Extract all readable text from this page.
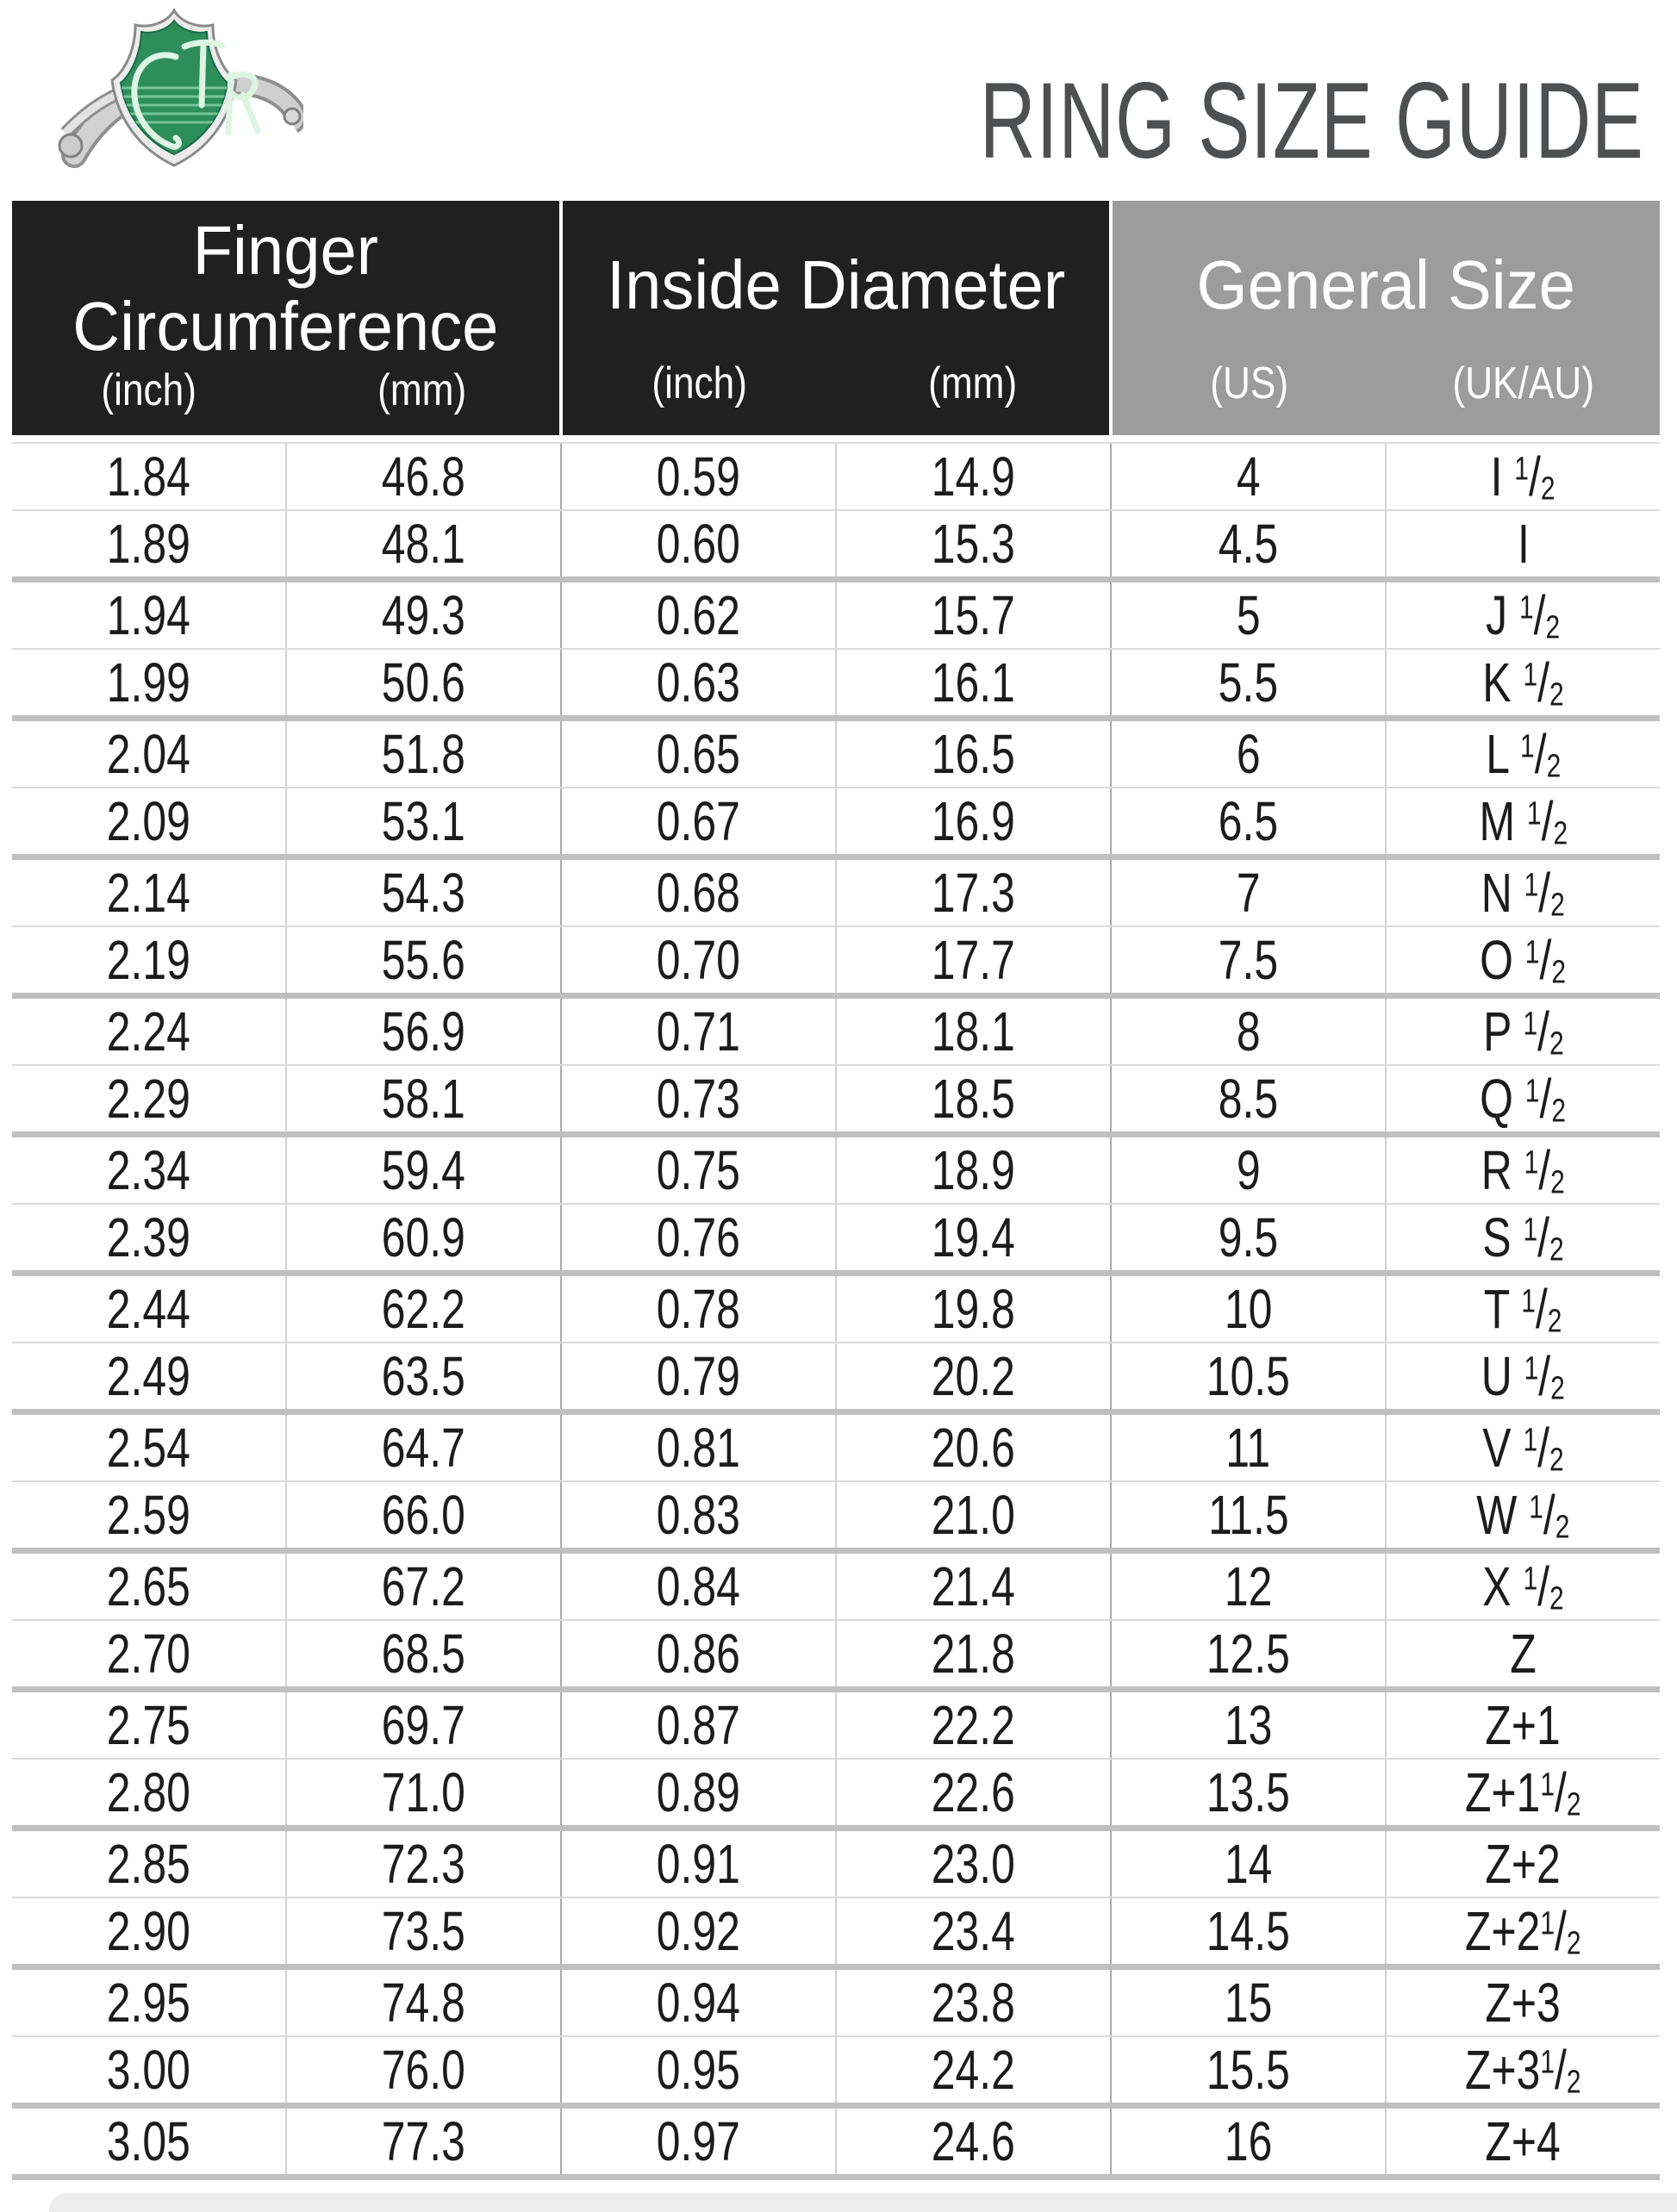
RING SIZE GUIDE
Finger Circumference
(inch)	(mm)
Inside Diameter
(inch)	(mm)
General Size
(US)	(UK/AU)
1.84	46.8	0.59	14.9	4	I $^1$/2
1.89	48.1	0.60	15.3	4.5	I
1.94	49.3	0.62	15.7	5	J $^1$/2
1.99	50.6	0.63	16.1	5.5	K $^1$/2
2.04	51.8	0.65	16.5	6	L $^1$/2
2.09	53.1	0.67	16.9	6.5	M $^1$/2
2.14	54.3	0.68	17.3	7	N $^1$/2
2.19	55.6	0.70	17.7	7.5	O $^1$/2
2.24	56.9	0.71	18.1	8	P $^1$/2
2.29	58.1	0.73	18.5	8.5	Q $^1$/2
2.34	59.4	0.75	18.9	9	R $^1$/2
2.39	60.9	0.76	19.4	9.5	S $^1$/2
2.44	62.2	0.78	19.8	10	T $^1$/2
2.49	63.5	0.79	20.2	10.5	U $^1$/2
2.54	64.7	0.81	20.6	11	V $^1$/2
2.59	66.0	0.83	21.0	11.5	W $^1$/2
2.65	67.2	0.84	21.4	12	X $^1$/2
2.70	68.5	0.86	21.8	12.5	Z
2.75	69.7	0.87	22.2	13	Z+1
2.80	71.0	0.89	22.6	13.5	$Z+1^1/2$
2.85	72.3	0.91	23.0	14	Z+2
2.90	73.5	0.92	23.4	14.5	$Z+2^1/2$
2.95	74.8	0.94	23.8	15	Z+3
3.00	76.0	0.95	24.2	15.5	$Z+3^1/2$
3.05	77.3	0.97	24.6	16	Z+4
